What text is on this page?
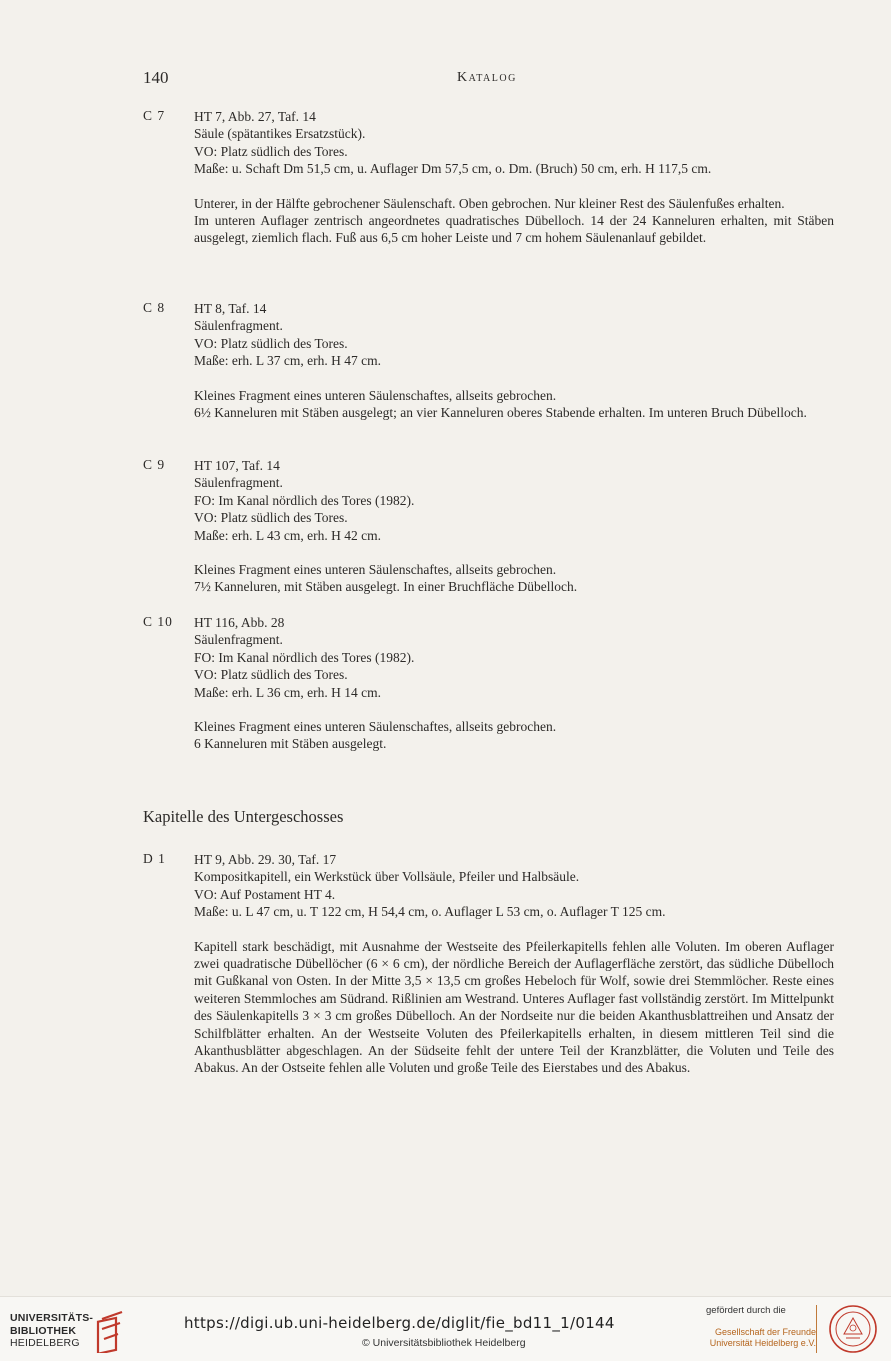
140	Katalog
C 7	HT 7, Abb. 27, Taf. 14
Säule (spätantikes Ersatzstück).
VO: Platz südlich des Tores.
Maße: u. Schaft Dm 51,5 cm, u. Auflager Dm 57,5 cm, o. Dm. (Bruch) 50 cm, erh. H 117,5 cm.
Unterer, in der Hälfte gebrochener Säulenschaft. Oben gebrochen. Nur kleiner Rest des Säulenfußes erhalten.
Im unteren Auflager zentrisch angeordnetes quadratisches Dübelloch. 14 der 24 Kanneluren erhalten, mit Stäben ausgelegt, ziemlich flach. Fuß aus 6,5 cm hoher Leiste und 7 cm hohem Säulenanlauf gebildet.
C 8	HT 8, Taf. 14
Säulenfragment.
VO: Platz südlich des Tores.
Maße: erh. L 37 cm, erh. H 47 cm.
Kleines Fragment eines unteren Säulenschaftes, allseits gebrochen.
6½ Kanneluren mit Stäben ausgelegt; an vier Kanneluren oberes Stabende erhalten. Im unteren Bruch Dübelloch.
C 9	HT 107, Taf. 14
Säulenfragment.
FO: Im Kanal nördlich des Tores (1982).
VO: Platz südlich des Tores.
Maße: erh. L 43 cm, erh. H 42 cm.
Kleines Fragment eines unteren Säulenschaftes, allseits gebrochen.
7½ Kanneluren, mit Stäben ausgelegt. In einer Bruchfläche Dübelloch.
C 10	HT 116, Abb. 28
Säulenfragment.
FO: Im Kanal nördlich des Tores (1982).
VO: Platz südlich des Tores.
Maße: erh. L 36 cm, erh. H 14 cm.
Kleines Fragment eines unteren Säulenschaftes, allseits gebrochen.
6 Kanneluren mit Stäben ausgelegt.
Kapitelle des Untergeschosses
D 1	HT 9, Abb. 29. 30, Taf. 17
Kompositkapitell, ein Werkstück über Vollsäule, Pfeiler und Halbsäule.
VO: Auf Postament HT 4.
Maße: u. L 47 cm, u. T 122 cm, H 54,4 cm, o. Auflager L 53 cm, o. Auflager T 125 cm.
Kapitell stark beschädigt, mit Ausnahme der Westseite des Pfeilerkapitells fehlen alle Voluten. Im oberen Auflager zwei quadratische Dübellöcher (6 × 6 cm), der nördliche Bereich der Auflagerfläche zerstört, das südliche Dübelloch mit Gußkanal von Osten. In der Mitte 3,5 × 13,5 cm großes Hebeloch für Wolf, sowie drei Stemmlöcher. Reste eines weiteren Stemmloches am Südrand. Rißlinien am Westrand. Unteres Auflager fast vollständig zerstört. Im Mittelpunkt des Säulenkapitells 3 × 3 cm großes Dübelloch. An der Nordseite nur die beiden Akanthusblattreihen und Ansatz der Schilfblätter erhalten. An der Westseite Voluten des Pfeilerkapitells erhalten, in diesem mittleren Teil sind die Akanthusblätter abgeschlagen. An der Südseite fehlt der untere Teil der Kranzblätter, die Voluten und Teile des Abakus. An der Ostseite fehlen alle Voluten und große Teile des Eierstabes und des Abakus.
UNIVERSITÄTS-
BIBLIOTHEK
HEIDELBERG
https://digi.ub.uni-heidelberg.de/diglit/fie_bd11_1/0144
© Universitätsbibliothek Heidelberg
gefördert durch die
Gesellschaft der Freunde
Universität Heidelberg e.V.
